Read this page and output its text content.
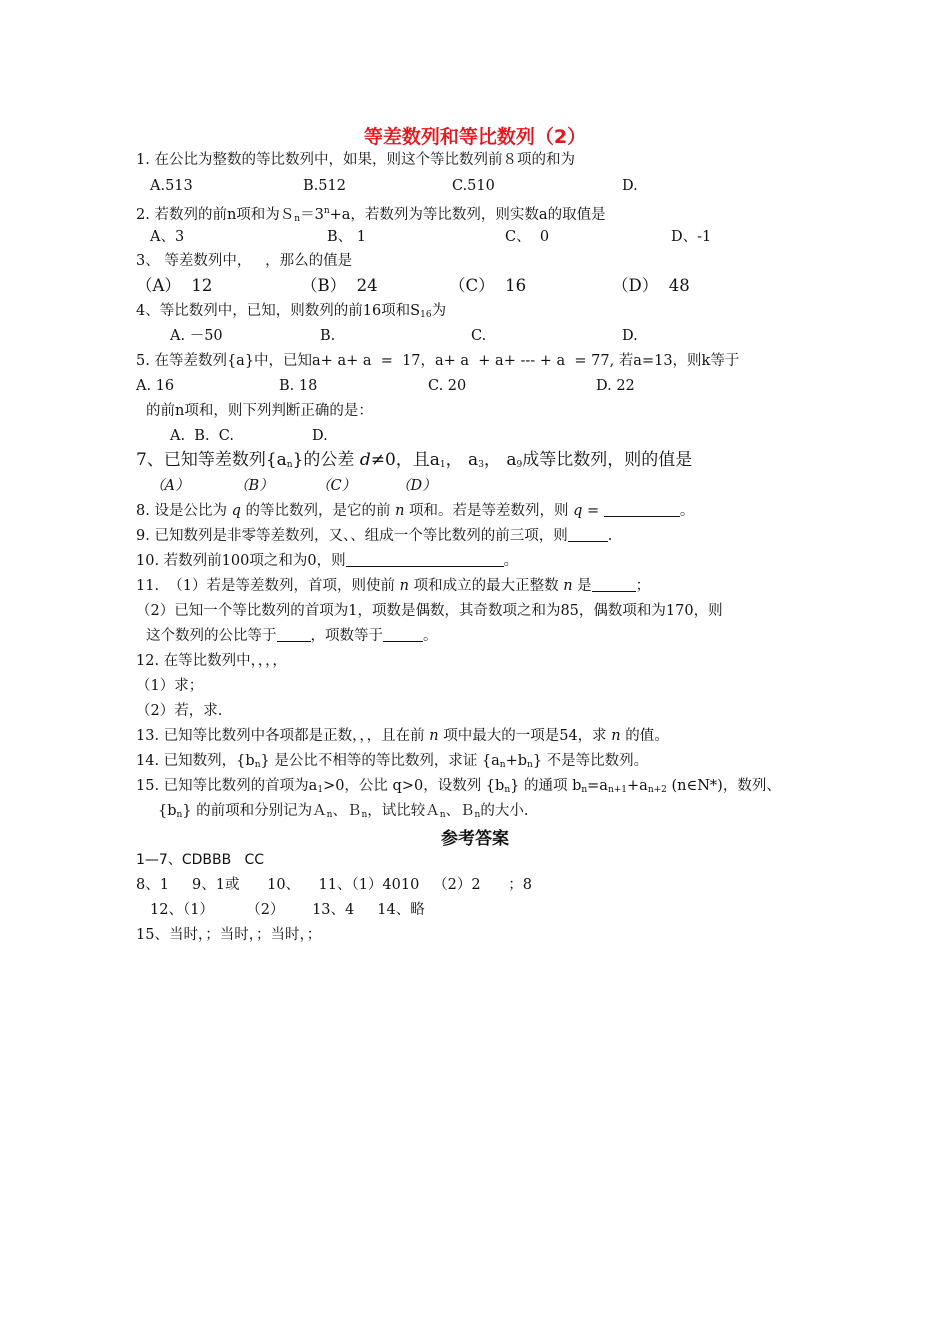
等差数列和等比数列（2）
1. 在公比为整数的等比数列中，如果，则这个等比数列前８项的和为
A.513	B.512	C.510	D.
2. 若数列的前n项和为$S_n=3^n+a$，若数列为等比数列，则实数a的取值是
A、3	B、 1	C、  0	D、-1
3、 等差数列中，   ，那么的值是
（A）  12	（B）  24	（C）  16	（D）  48
4、等比数列中，已知，则数列的前16项和$S_{16}$为
A. －50	B.	C.	D.
5. 在等差数列{a}中，已知a+ a+ a  =  17，a+ a  + a+ --- + a  = 77, 若a=13，则k等于
A. 16	B. 18	C. 20	D. 22
的前n项和，则下列判断正确的是：
A.  B.  C.	D.
7、已知等差数列$\{a_n\}$的公差 d≠0，且$a_1$， $a_3$， $a_9$成等比数列，则的值是
（A）	（B）	（C）	（D）
8. 设是公比为 q 的等比数列，是它的前 n 项和。若是等差数列，则 q =	。
9. 已知数列是非零等差数列，又、、组成一个等比数列的前三项，则	.
10. 若数列前100项之和为0，则	。
11.  （1）若是等差数列，首项，则使前 n 项和成立的最大正整数 n 是	；
（2）已知一个等比数列的首项为1，项数是偶数，其奇数项之和为85，偶数项和为170，则
这个数列的公比等于 ，项数等于	。
12. 在等比数列中，，，，
（1）求；
（2）若，求.
13. 已知等比数列中各项都是正数，，，且在前 n 项中最大的一项是54，求 n 的值。
14. 已知数列，$\{b_n\}$ 是公比不相等的等比数列，求证 $\{a_n+b_n\}$ 不是等比数列。
15. 已知等比数列的首项为$a_1>0$，公比 q>0，设数列 $\{b_n\}$ 的通项 $b_n=a_{n+1}+a_{n+2}$ (n∈N*)，数列、
$\{b_n\}$ 的前项和分别记为Ａ$_n$、Ｂ$_n$，试比较Ａ$_n$、Ｂ$_n$的大小.
参考答案
1—7、CDBBB   CC
8、1     9、1或      10、    11、（1）4010   （2）2      ；8
12、（1）       （2）      13、4     14、略
15、当时，；当时，；当时，；
